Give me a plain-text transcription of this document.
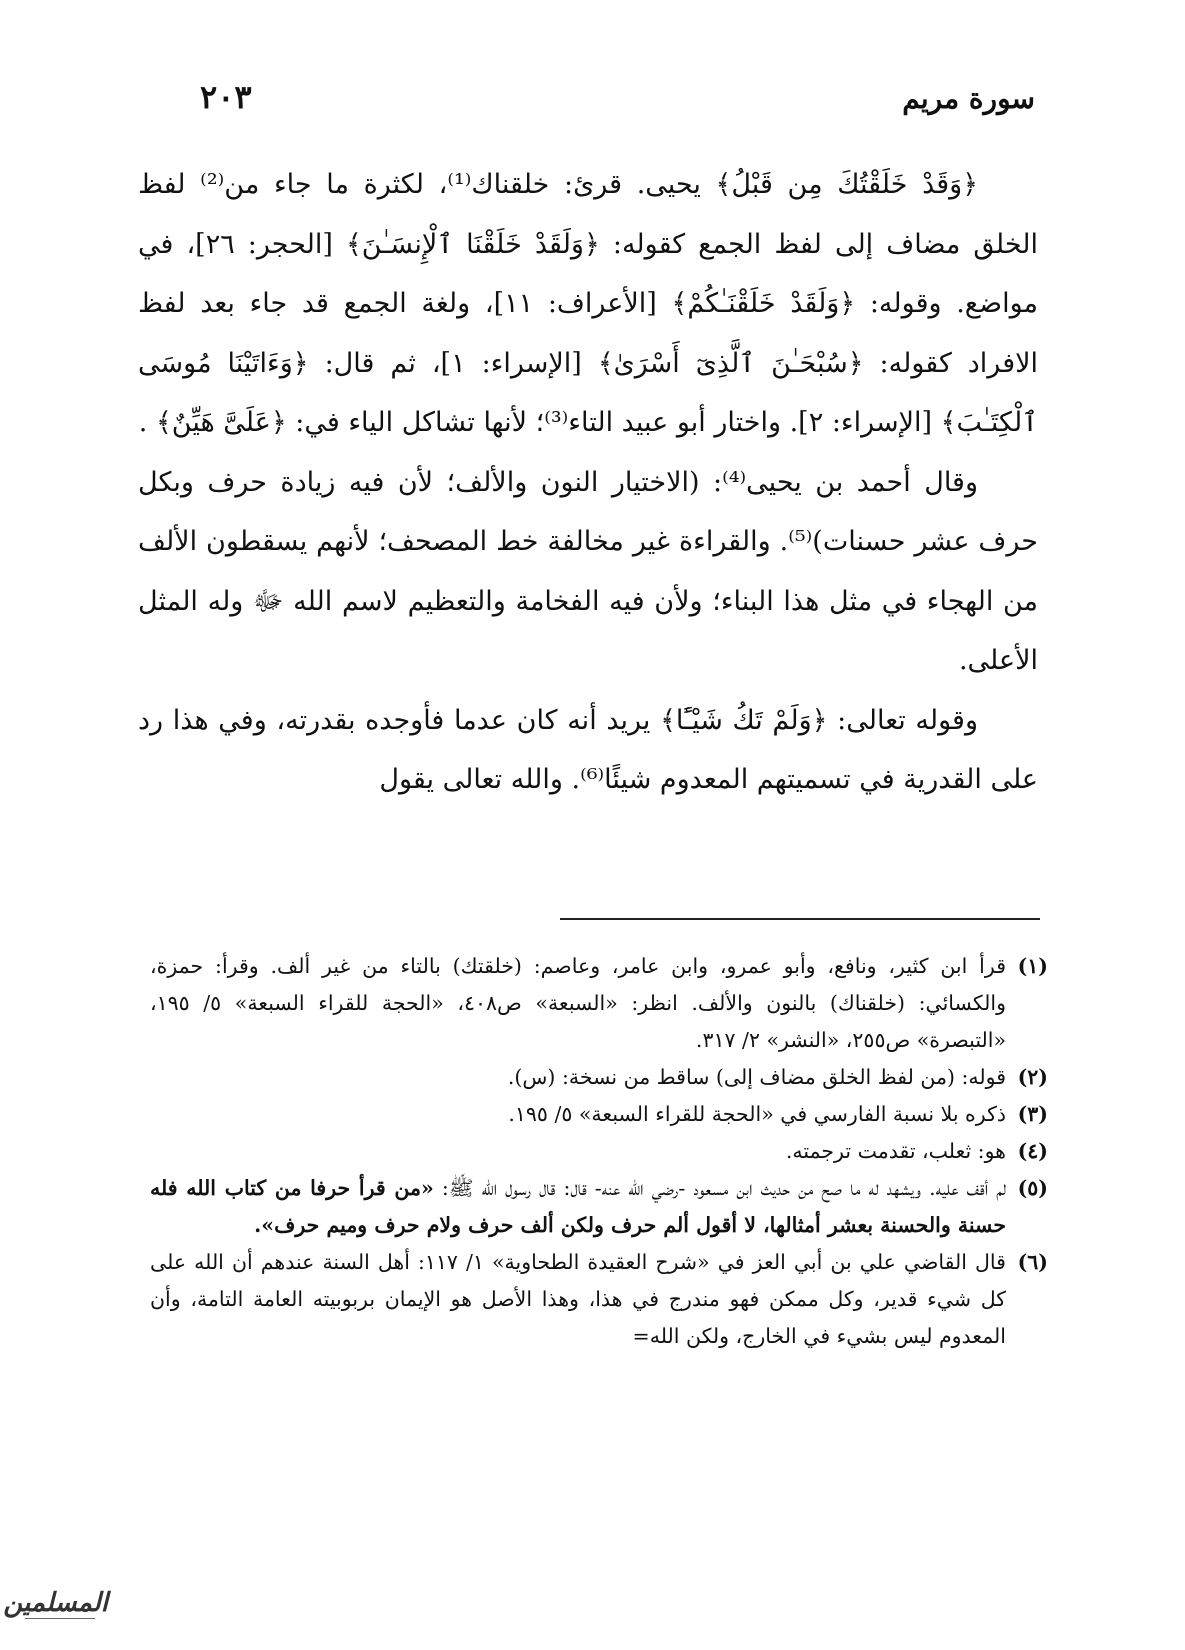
سورة مريم
٢٠٣

﴿وَقَدْ خَلَقْتُكَ مِن قَبْلُ﴾ يحيى. قرئ: خلقناك⁽¹⁾، لكثرة ما جاء من⁽²⁾ لفظ الخلق مضاف إلى لفظ الجمع كقوله: ﴿وَلَقَدْ خَلَقْنَا ٱلْإِنسَـٰنَ﴾ [الحجر: ٢٦]، في مواضع. وقوله: ﴿وَلَقَدْ خَلَقْنَـٰكُمْ﴾ [الأعراف: ١١]، ولغة الجمع قد جاء بعد لفظ الافراد كقوله: ﴿سُبْحَـٰنَ ٱلَّذِىٓ أَسْرَىٰ﴾ [الإسراء: ١]، ثم قال: ﴿وَءَاتَيْنَا مُوسَى ٱلْكِتَـٰبَ﴾ [الإسراء: ٢]. واختار أبو عبيد التاء⁽³⁾؛ لأنها تشاكل الياء في: ﴿عَلَىَّ هَيِّنٌ﴾ .

وقال أحمد بن يحيى⁽⁴⁾: (الاختيار النون والألف؛ لأن فيه زيادة حرف وبكل حرف عشر حسنات)⁽⁵⁾. والقراءة غير مخالفة خط المصحف؛ لأنهم يسقطون الألف من الهجاء في مثل هذا البناء؛ ولأن فيه الفخامة والتعظيم لاسم الله ﷻ وله المثل الأعلى.

وقوله تعالى: ﴿وَلَمْ تَكُ شَيْـًٔا﴾ يريد أنه كان عدما فأوجده بقدرته، وفي هذا رد على القدرية في تسميتهم المعدوم شيئًا⁽⁶⁾. والله تعالى يقول

(١)
قرأ ابن كثير، ونافع، وأبو عمرو، وابن عامر، وعاصم: (خلقتك) بالتاء من غير ألف. وقرأ: حمزة، والكسائي: (خلقناك) بالنون والألف. انظر: «السبعة» ص٤٠٨، «الحجة للقراء السبعة» ٥/ ١٩٥، «التبصرة» ص٢٥٥، «النشر» ٢/ ٣١٧.
(٢)
قوله: (من لفظ الخلق مضاف إلى) ساقط من نسخة: (س).
(٣)
ذكره بلا نسبة الفارسي في «الحجة للقراء السبعة» ٥/ ١٩٥.
(٤)
هو: ثعلب، تقدمت ترجمته.
(٥)
لم أقف عليه. ويشهد له ما صح من حديث ابن مسعود -رضي الله عنه- قال: قال رسول الله ﷺ: «من قرأ حرفا من كتاب الله فله حسنة والحسنة بعشر أمثالها، لا أقول ألم حرف ولكن ألف حرف ولام حرف وميم حرف».
(٦)
قال القاضي علي بن أبي العز في «شرح العقيدة الطحاوية» ١/ ١١٧: أهل السنة عندهم أن الله على كل شيء قدير، وكل ممكن فهو مندرج في هذا، وهذا الأصل هو الإيمان بربوبيته العامة التامة، وأن المعدوم ليس بشيء في الخارج، ولكن الله=
المسلمين
